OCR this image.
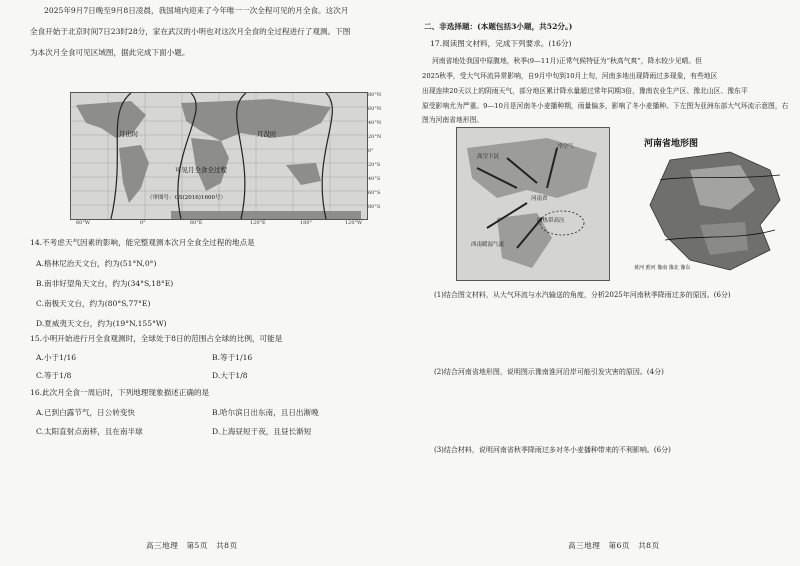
2025年9月7日晚至9月8日凌晨，我国境内迎来了今年唯一一次全程可见的月全食。这次月
全食开始于北京时间7日23时28分，家在武汉的小明也对这次月全食的全过程进行了观测。下图
为本次月全食可见区域图，据此完成下面小题。
月出时	月没时
可见月全食全过程
（审图号：GS(2016)1600号）
80°N
60°N
40°N
20°N
0°
20°S
40°S
60°S
80°S
60°W	0°	60°E	120°E	180°	120°W
14.不考虑天气因素的影响，能完整观测本次月全食全过程的地点是
A.格林尼治天文台，约为(51°N,0°)
B.南非好望角天文台，约为(34°S,18°E)
C.南极天文台，约为(80°S,77°E)
D.夏威夷天文台，约为(19°N,155°W)
15.小明开始进行月全食观测时，全球处于8日的范围占全球的比例，可能是
A.小于1/16	B.等于1/16
C.等于1/8	D.大于1/8
16.此次月全食一周后时，下列地理现象描述正确的是
A.已到白露节气，日公转变快	B.哈尔滨日出东南，且日出渐晚
C.太阳直射点南移，且在南半球	D.上海昼短于夜，且昼长渐短
高三地理　第5页　共8页
二、非选择题：(本题包括3小题，共52分。)
17.阅读图文材料，完成下列要求。(16分)
河南省地处我国中原腹地，秋季(9—11月)正常气候特征为“秋高气爽”，降水较少见晴。但
2025秋季，受大气环流异常影响，自9月中旬到10月上旬，河南多地出现降雨过多现象，有些地区
出现连续20天以上的阴雨天气，部分地区累计降水量超过常年同期3倍，豫南农业生产区、豫北山区、豫东平
原受影响尤为严重。9—10月是河南冬小麦播种期，雨量偏多，影响了冬小麦播种。下左图为亚洲东部大气环流示意图，右
图为河南省地形图。
高空下沉
副热带高压
西南暖湿气流
冷空气
河南省
河南省地形图
黄河 淮河 豫南 豫北 豫东
(1)结合图文材料，从大气环流与水汽输送的角度，分析2025年河南秋季降雨过多的原因。(6分)
(2)结合河南省地形图，说明图示豫南淮河沿岸可能引发灾害的原因。(4分)
(3)结合材料，说明河南省秋季降雨过多对冬小麦播种带来的不利影响。(6分)
高三地理　第6页　共8页
